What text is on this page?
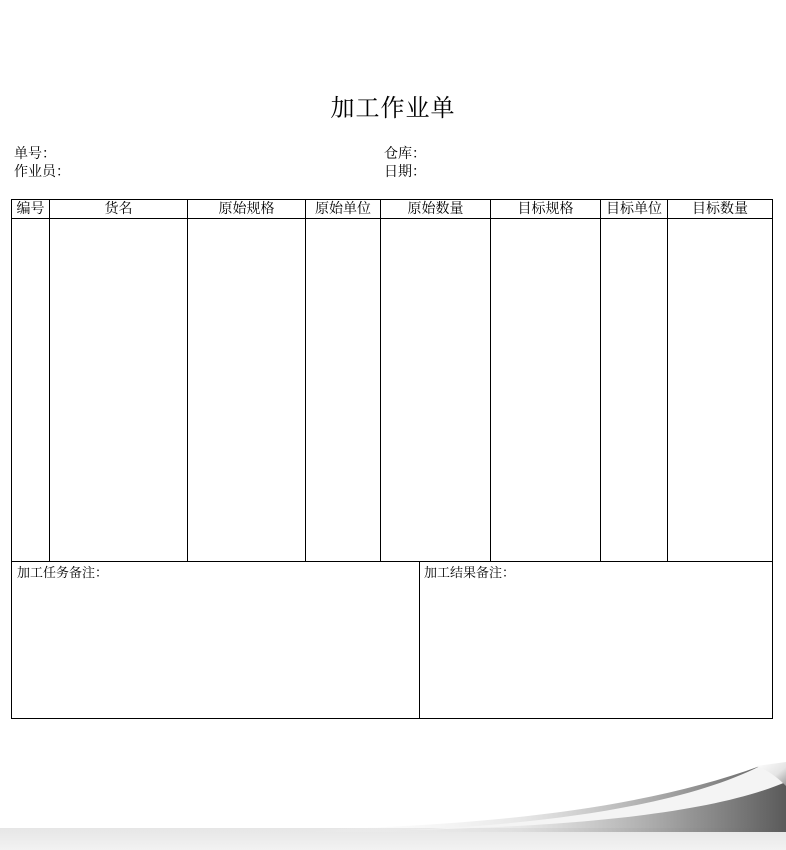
加工作业单
单号：
作业员：
仓库：
日期：
编号	货名	原始规格	原始单位	原始数量	目标规格	目标单位	目标数量
加工任务备注：	加工结果备注：
